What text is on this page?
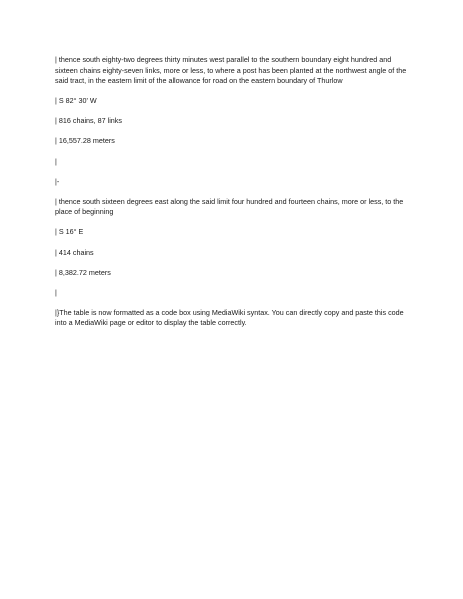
| thence south eighty-two degrees thirty minutes west parallel to the southern boundary eight hundred and sixteen chains eighty-seven links, more or less, to where a post has been planted at the northwest angle of the said tract, in the eastern limit of the allowance for road on the eastern boundary of Thurlow

| S 82° 30' W

| 816 chains, 87 links

| 16,557.28 meters

|

|-

| thence south sixteen degrees east along the said limit four hundred and fourteen chains, more or less, to the place of beginning

| S 16° E

| 414 chains

| 8,382.72 meters

|

|}The table is now formatted as a code box using MediaWiki syntax. You can directly copy and paste this code into a MediaWiki page or editor to display the table correctly.
